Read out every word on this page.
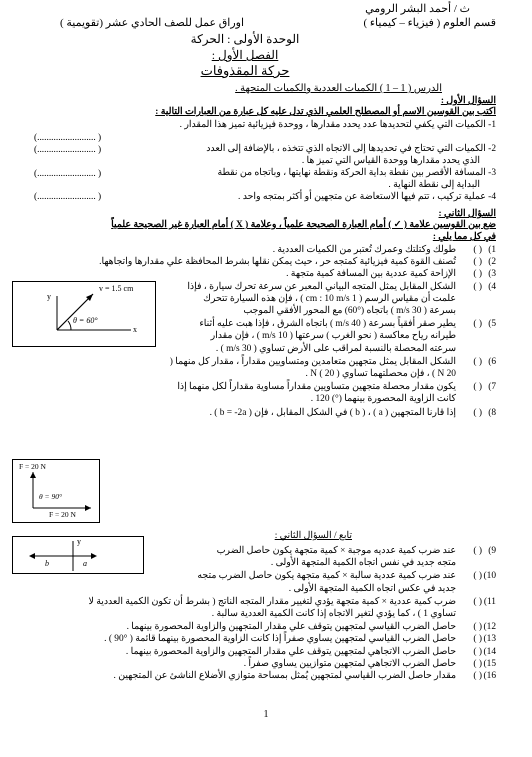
ث / أحمد البشر الرومي
قسم العلوم ( فيزياء – كيمياء )
اوراق عمل للصف الحادي عشر (تقويمية )
الوحدة الأولى : الحركة
الفصل الأول :
حركة المقذوفات
الدرس ( 1 – 1 ) الكميات العددية والكميات المتجهة .
السؤال الأول :
اكتب بين القوسين الاسم أو المصطلح العلمي الذي تدل عليه كل عبارة من العبارات التالية :
1- الكميات التي يكفي لتحديدها عدد يحدد مقدارها ، ووحدة فيزيائية تميز هذا المقدار .
(......................... )
2- الكميات التي تحتاج في تحديدها إلى الاتجاه الذي تتخذه ، بالإضافة إلى العدد
الذي يحدد مقدارها ووحدة القياس التي تميز ها .
(......................... )
3- المسافة الأقصر بين نقطة بداية الحركة ونقطة نهايتها ، وباتجاه من نقطة
البداية إلى نقطة النهاية .
(......................... )
4- عملية تركيب ، تتم فيها الاستعاضة عن متجهين أو أكثر بمتجه واحد .
(......................... )
السؤال الثاني :
ضع بين القوسين علامة ( ✓ ) أمام العبارة الصحيحة علمياً ، وعلامة ( X ) أمام العبارة غير الصحيحة علمياً
في كل مما يلي :
1)( )طولك وكتلتك وعمرك تُعتبر من الكميات العددية .
2)( )تُصنف القوة كمية فيزيائية كمتجه حر ، حيث يمكن نقلها بشرط المحافظة علي مقدارها واتجاهها.
3)( )الإزاحة كمية عددية بين المسافة كمية متجهة .
4)( )الشكل المقابل يمثل المتجه البياني المعبر عن سرعة تحرك سيارة ، فإذا
علمت أن مقياس الرسم ( 1 cm : 10 m/s ) ، فإن هذه السيارة تتحرك
بسرعة ( m/s 30 ) باتجاه (°60) مع المحور الأفقي الموجب
5)( )يطير صقر أفقياً بسرعة ( m/s 40 ) باتجاه الشرق ، فإذا هبت عليه أثناء
طيرانه رياح معاكسة ( نحو الغرب ) سرعتها ( m/s 10 ) ، فإن مقدار
سرعته المحصلة بالنسبة لمراقب على الأرض تساوي ( m/s 30 ) .
6)( )الشكل المقابل يمثل متجهين متعامدين ومتساويين مقداراً ، مقدار كل منهما (
N 20 ) ، فإن محصلتهما تساوي N ( 20 ) .
7)( )يكون مقدار محصلة متجهين متساويين مقداراً مساوية مقداراً لكل منهما إذا
كانت الزاوية المحصورة بينهما (°) 120 .
8)( )إذا قارنا المتجهين ( a ) ، ( b ) في الشكل المقابل ، فإن ( b = -2a ) .
v = 1.5 cm
θ = 60°
x
y
F = 20 N
θ = 90°
F = 20 N
y
b	a
تابع / السؤال الثاني :
9)( )عند ضرب كمية عدديه موجبة × كمية متجهة يكون حاصل الضرب
متجه جديد في نفس اتجاه الكمية المتجهة الأولى .
10)( )عند ضرب كمية عددية سالبة × كمية متجهة يكون حاصل الضرب متجه
جديد في عكس اتجاه الكمية المتجهة الأولى .
11)( )ضرب كمية عددية × كمية متجهة يؤدي لتغيير مقدار المتجه الناتج ( بشرط أن تكون الكمية العددية لا
تساوي 1 ) ، كما يؤدي لتغير الاتجاه إذا كانت الكمية العددية سالبة .
12)( )حاصل الضرب القياسي لمتجهين يتوقف علي مقدار المتجهين والزاوية المحصورة بينهما .
13)( )حاصل الضرب القياسي لمتجهين يساوي صفراً إذا كانت الزاوية المحصورة بينهما قائمة ( °90 ) .
14)( )حاصل الضرب الاتجاهي لمتجهين يتوقف علي مقدار المتجهين والزاوية المحصورة بينهما .
15)( )حاصل الضرب الاتجاهي لمتجهين متوازيين يساوي صفراً .
16)( )مقدار حاصل الضرب القياسي لمتجهين يُمثل بمساحة متوازي الأضلاع الناشئ عن المتجهين .
1
